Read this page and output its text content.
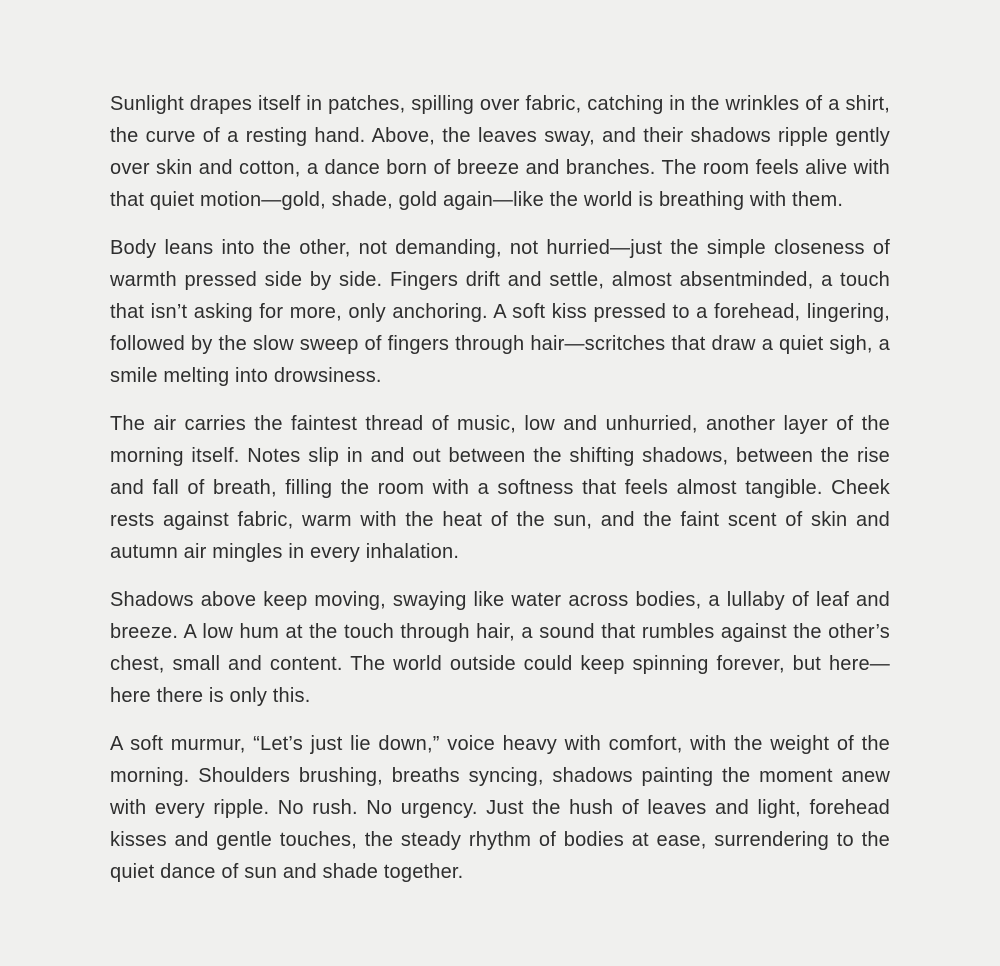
Sunlight drapes itself in patches, spilling over fabric, catching in the wrinkles of a shirt, the curve of a resting hand. Above, the leaves sway, and their shadows ripple gently over skin and cotton, a dance born of breeze and branches. The room feels alive with that quiet motion—gold, shade, gold again—like the world is breathing with them.

Body leans into the other, not demanding, not hurried—just the simple closeness of warmth pressed side by side. Fingers drift and settle, almost absentminded, a touch that isn’t asking for more, only anchoring. A soft kiss pressed to a forehead, lingering, followed by the slow sweep of fingers through hair—scritches that draw a quiet sigh, a smile melting into drowsiness.

The air carries the faintest thread of music, low and unhurried, another layer of the morning itself. Notes slip in and out between the shifting shadows, between the rise and fall of breath, filling the room with a softness that feels almost tangible. Cheek rests against fabric, warm with the heat of the sun, and the faint scent of skin and autumn air mingles in every inhalation.

Shadows above keep moving, swaying like water across bodies, a lullaby of leaf and breeze. A low hum at the touch through hair, a sound that rumbles against the other’s chest, small and content. The world outside could keep spinning forever, but here—here there is only this.

A soft murmur, “Let’s just lie down,” voice heavy with comfort, with the weight of the morning. Shoulders brushing, breaths syncing, shadows painting the moment anew with every ripple. No rush. No urgency. Just the hush of leaves and light, forehead kisses and gentle touches, the steady rhythm of bodies at ease, surrendering to the quiet dance of sun and shade together.
